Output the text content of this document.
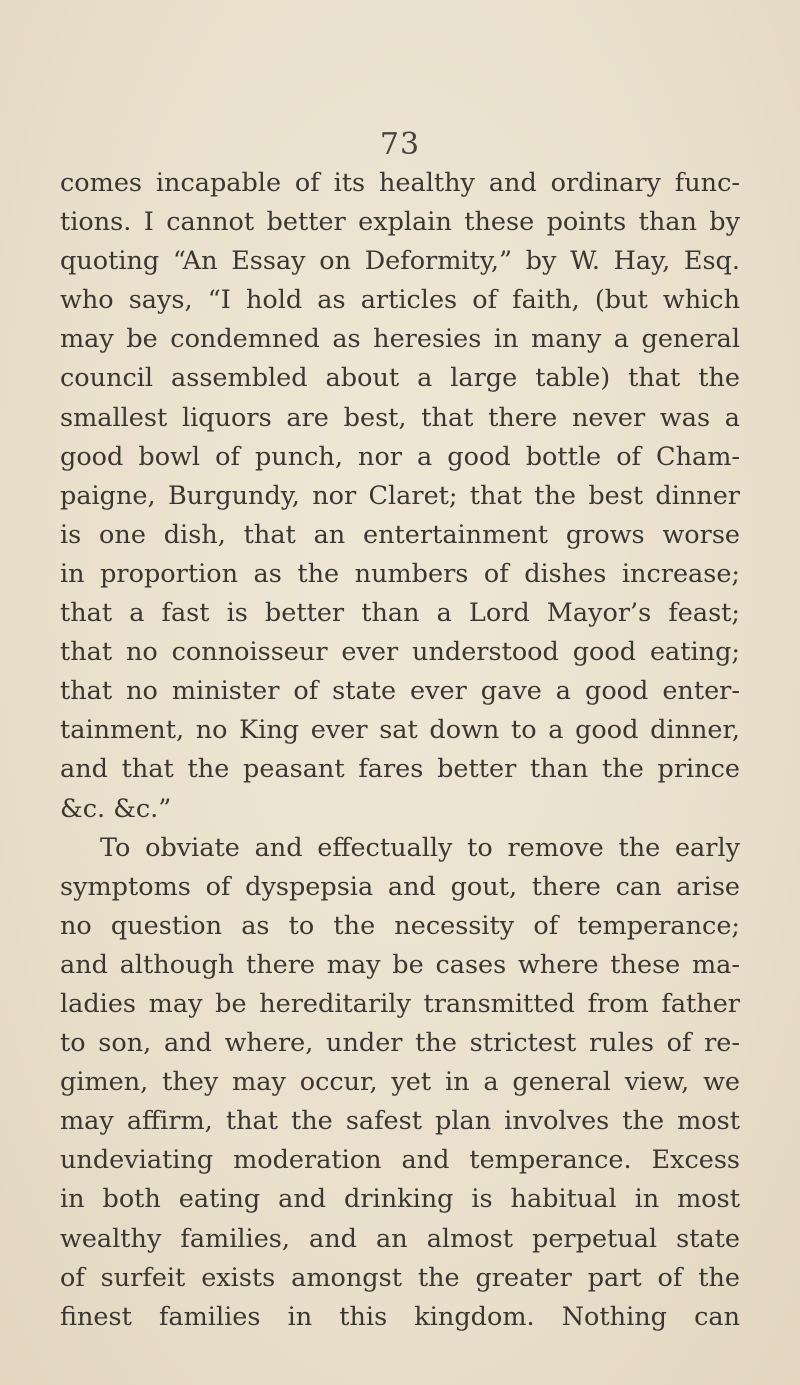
73
comes incapable of its healthy and ordinary func-
tions. I cannot better explain these points than by
quoting “An Essay on Deformity,” by W. Hay, Esq.
who says, “I hold as articles of faith, (but which
may be condemned as heresies in many a general
council assembled about a large table) that the
smallest liquors are best, that there never was a
good bowl of punch, nor a good bottle of Cham-
paigne, Burgundy, nor Claret; that the best dinner
is one dish, that an entertainment grows worse
in proportion as the numbers of dishes increase;
that a fast is better than a Lord Mayor’s feast;
that no connoisseur ever understood good eating;
that no minister of state ever gave a good enter-
tainment, no King ever sat down to a good dinner,
and that the peasant fares better than the prince
&c. &c.”
To obviate and effectually to remove the early
symptoms of dyspepsia and gout, there can arise
no question as to the necessity of temperance;
and although there may be cases where these ma-
ladies may be hereditarily transmitted from father
to son, and where, under the strictest rules of re-
gimen, they may occur, yet in a general view, we
may affirm, that the safest plan involves the most
undeviating moderation and temperance. Excess
in both eating and drinking is habitual in most
wealthy families, and an almost perpetual state
of surfeit exists amongst the greater part of the
finest families in this kingdom. Nothing can
